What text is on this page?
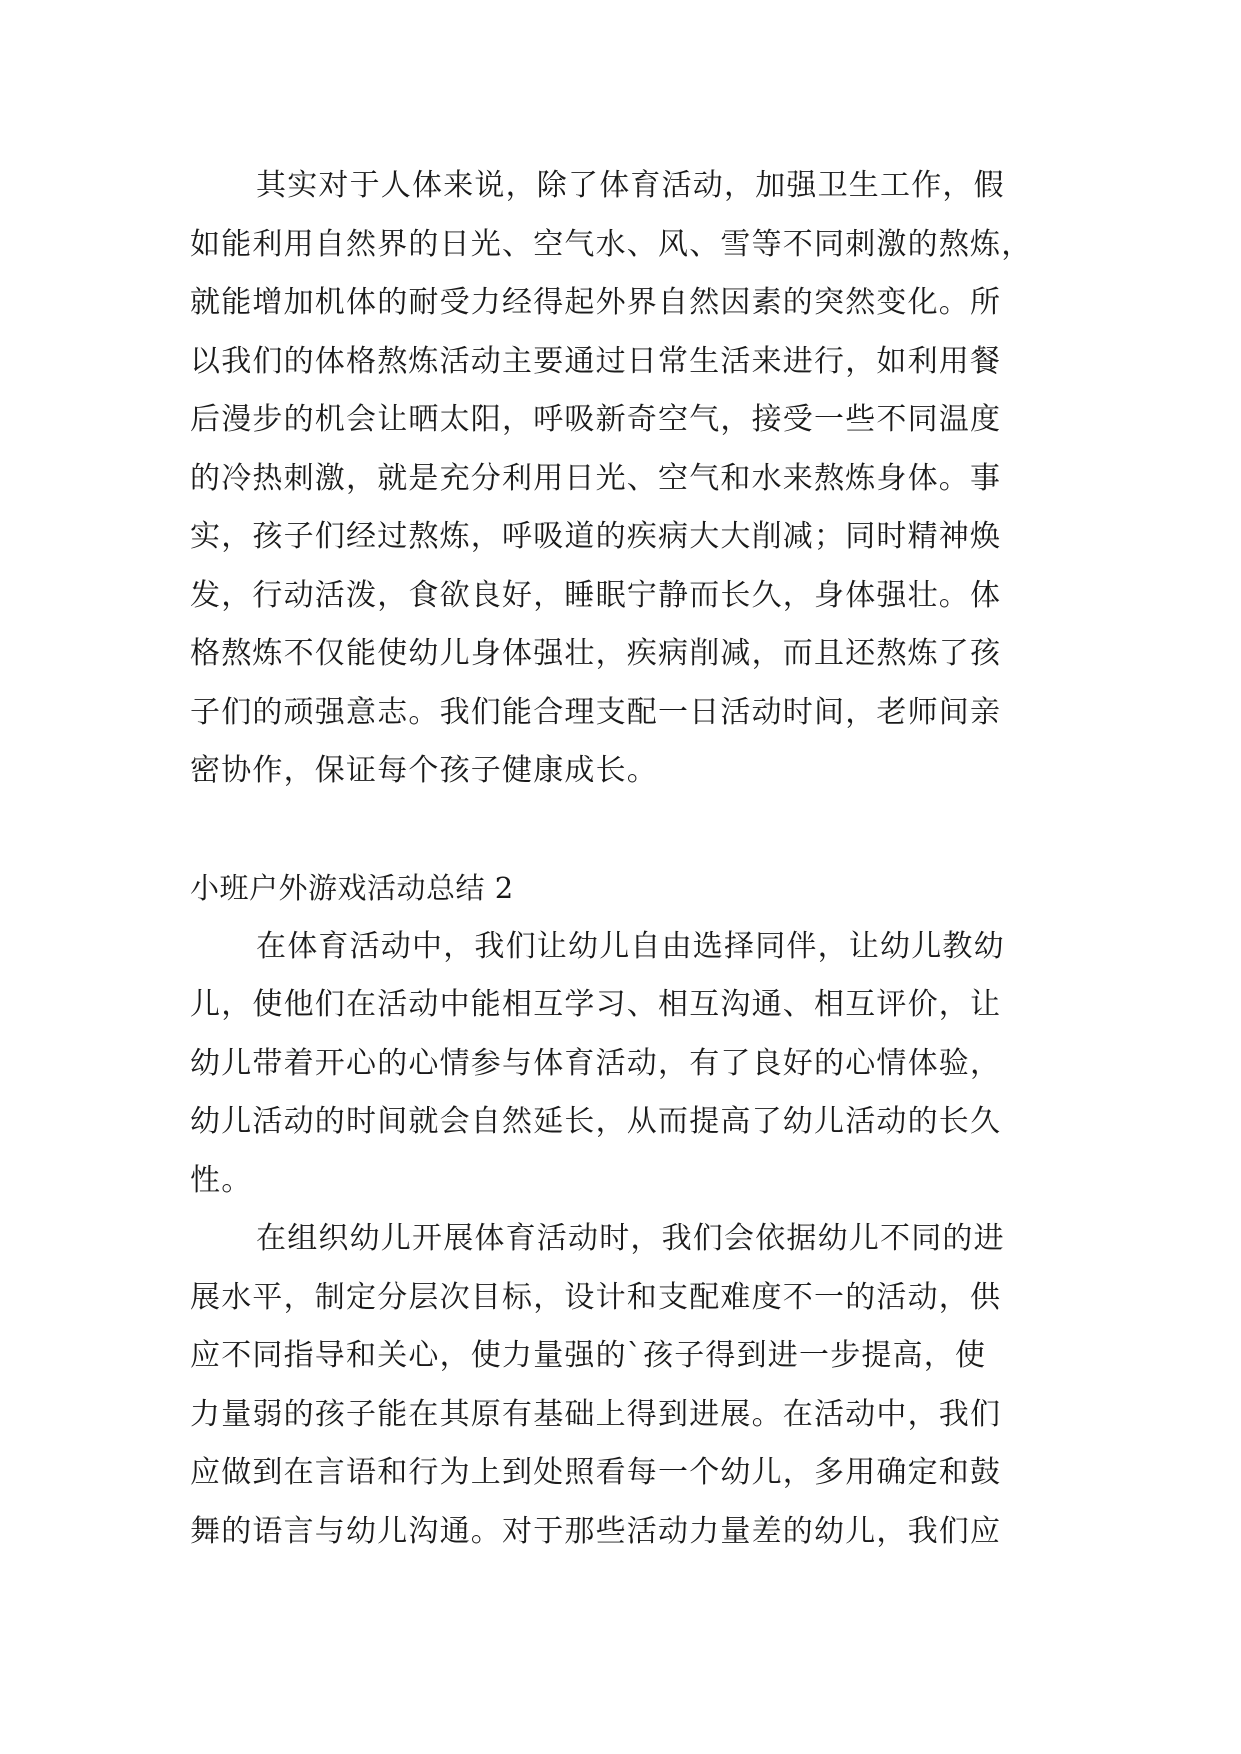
其实对于人体来说，除了体育活动，加强卫生工作，假
如能利用自然界的日光、空气水、风、雪等不同刺激的熬炼，
就能增加机体的耐受力经得起外界自然因素的突然变化。所
以我们的体格熬炼活动主要通过日常生活来进行，如利用餐
后漫步的机会让晒太阳，呼吸新奇空气，接受一些不同温度
的冷热刺激，就是充分利用日光、空气和水来熬炼身体。事
实，孩子们经过熬炼，呼吸道的疾病大大削减；同时精神焕
发，行动活泼，食欲良好，睡眠宁静而长久，身体强壮。体
格熬炼不仅能使幼儿身体强壮，疾病削减，而且还熬炼了孩
子们的顽强意志。我们能合理支配一日活动时间，老师间亲
密协作，保证每个孩子健康成长。
小班户外游戏活动总结 2
在体育活动中，我们让幼儿自由选择同伴，让幼儿教幼
儿，使他们在活动中能相互学习、相互沟通、相互评价，让
幼儿带着开心的心情参与体育活动，有了良好的心情体验，
幼儿活动的时间就会自然延长，从而提高了幼儿活动的长久
性。
在组织幼儿开展体育活动时，我们会依据幼儿不同的进
展水平，制定分层次目标，设计和支配难度不一的活动，供
应不同指导和关心，使力量强的`孩子得到进一步提高，使
力量弱的孩子能在其原有基础上得到进展。在活动中，我们
应做到在言语和行为上到处照看每一个幼儿，多用确定和鼓
舞的语言与幼儿沟通。对于那些活动力量差的幼儿，我们应
